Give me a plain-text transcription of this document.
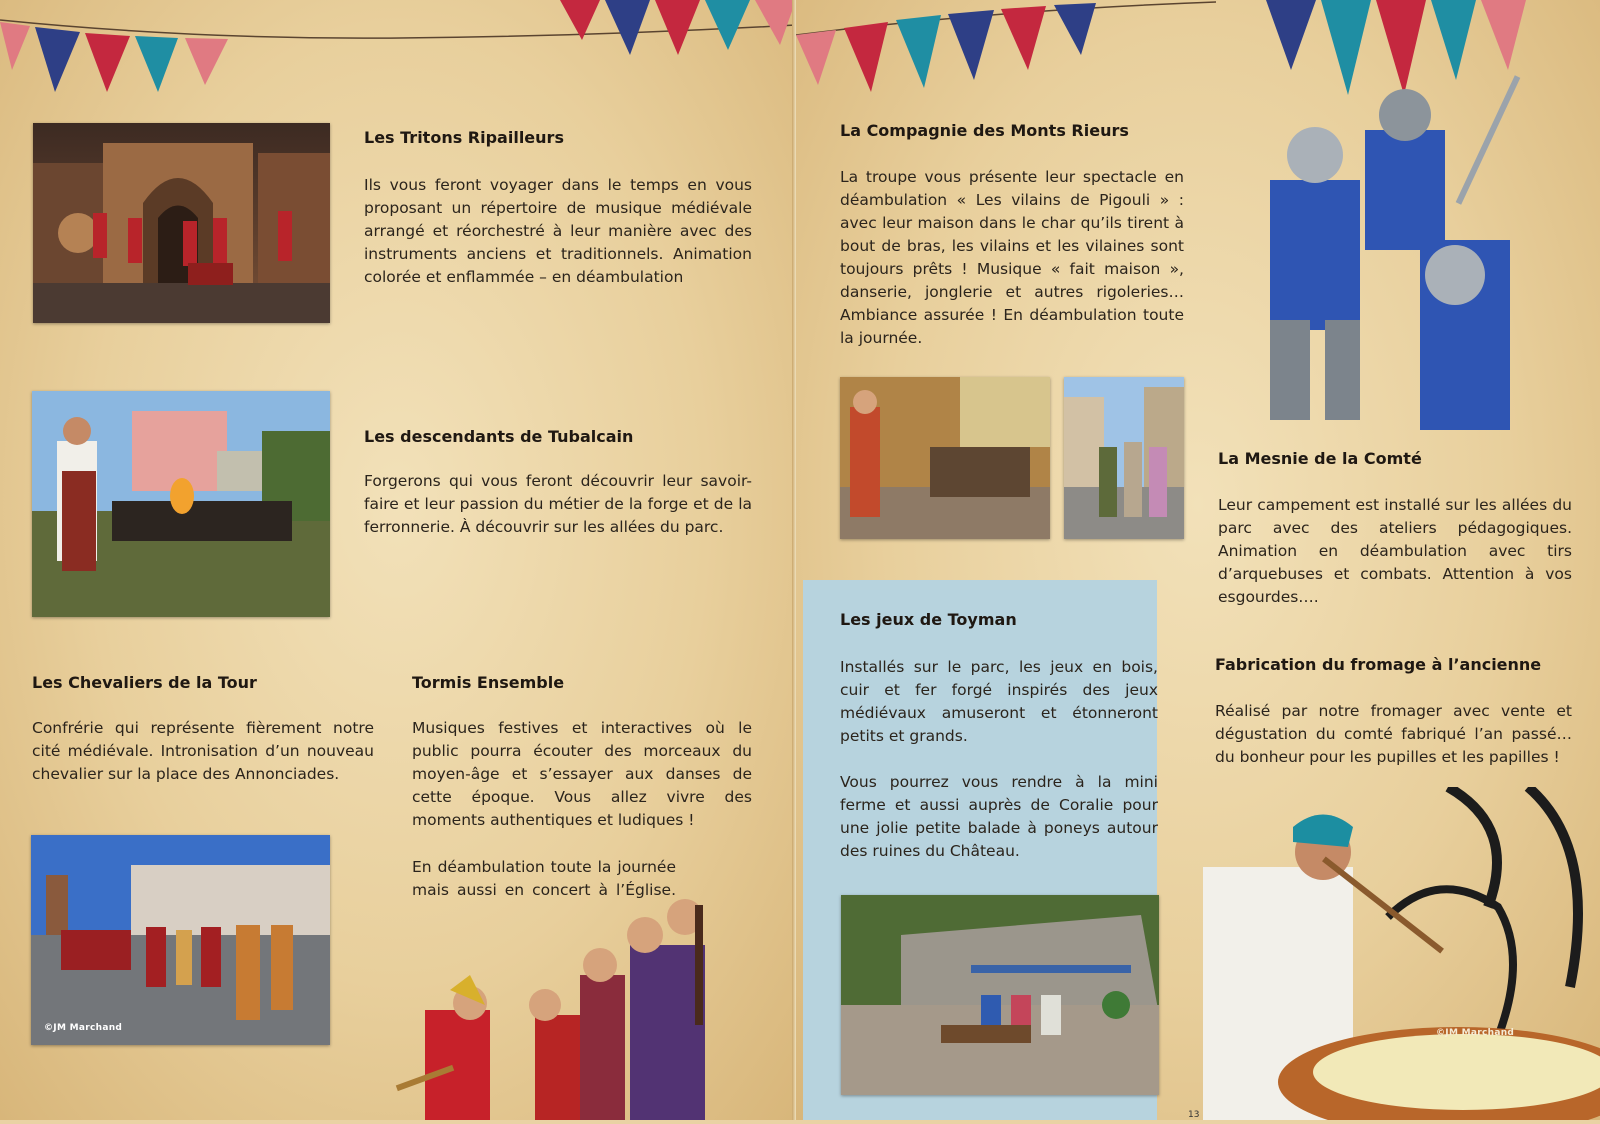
Les Tritons Ripailleurs

Ils vous feront voyager dans le temps en vous proposant un répertoire de musique médiévale arrangé et réorchestré à leur manière avec des instruments anciens et traditionnels. Animation colorée et enflammée – en déambulation

Les descendants de Tubalcain

Forgerons qui vous feront découvrir leur savoir-faire et leur passion du métier de la forge et de la ferronnerie. À découvrir sur les allées du parc.

Les Chevaliers de la Tour

Confrérie qui représente fièrement notre cité médiévale. Intronisation d’un nouveau chevalier sur la place des Annonciades.

©JM Marchand
Tormis Ensemble

Musiques festives et interactives où le public pourra écouter des morceaux du moyen-âge et s’essayer aux danses de cette époque. Vous allez vivre des moments authentiques et ludiques !

En déambulation toute la journée mais aussi en concert à l’Église.

La Compagnie des Monts Rieurs

La troupe vous présente leur spectacle en déambulation « Les vilains de Pigouli » : avec leur maison dans le char qu’ils tirent à bout de bras, les vilains et les vilaines sont toujours prêts ! Musique « fait maison », danserie, jonglerie et autres rigoleries… Ambiance assurée ! En déambulation toute la journée.

La Mesnie de la Comté

Leur campement est installé sur les allées du parc avec des ateliers pédagogiques. Animation en déambulation avec tirs d’arquebuses et combats. Attention à vos esgourdes….

Les jeux de Toyman

Installés sur le parc, les jeux en bois, cuir et fer forgé inspirés des jeux médiévaux amuseront et étonneront petits et grands.

Vous pourrez vous rendre à la mini ferme et aussi auprès de Coralie pour une jolie petite balade à poneys autour des ruines du Château.

Fabrication du fromage à l’ancienne

Réalisé par notre fromager avec vente et dégustation du comté fabriqué l’an passé… du bonheur pour les pupilles et les papilles !

©JM Marchand
13
